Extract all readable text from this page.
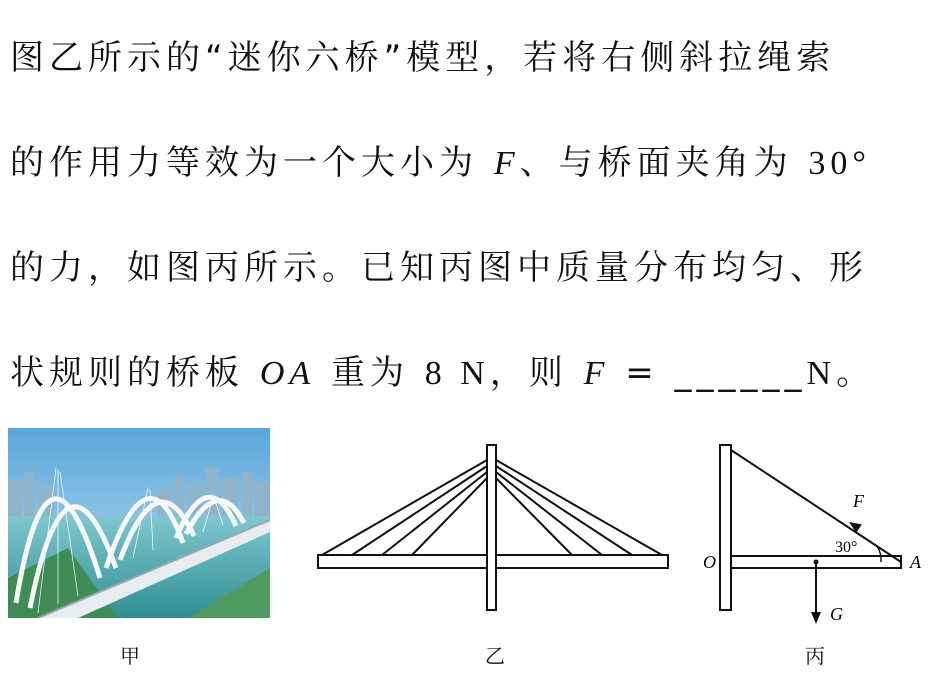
图乙所示的“迷你六桥”模型，若将右侧斜拉绳索
的作用力等效为一个大小为 F、与桥面夹角为 30°
的力，如图丙所示。已知丙图中质量分布均匀、形
状规则的桥板 OA 重为 8 N，则 F = ______N。
O	A
F
G
30°
甲	乙	丙
